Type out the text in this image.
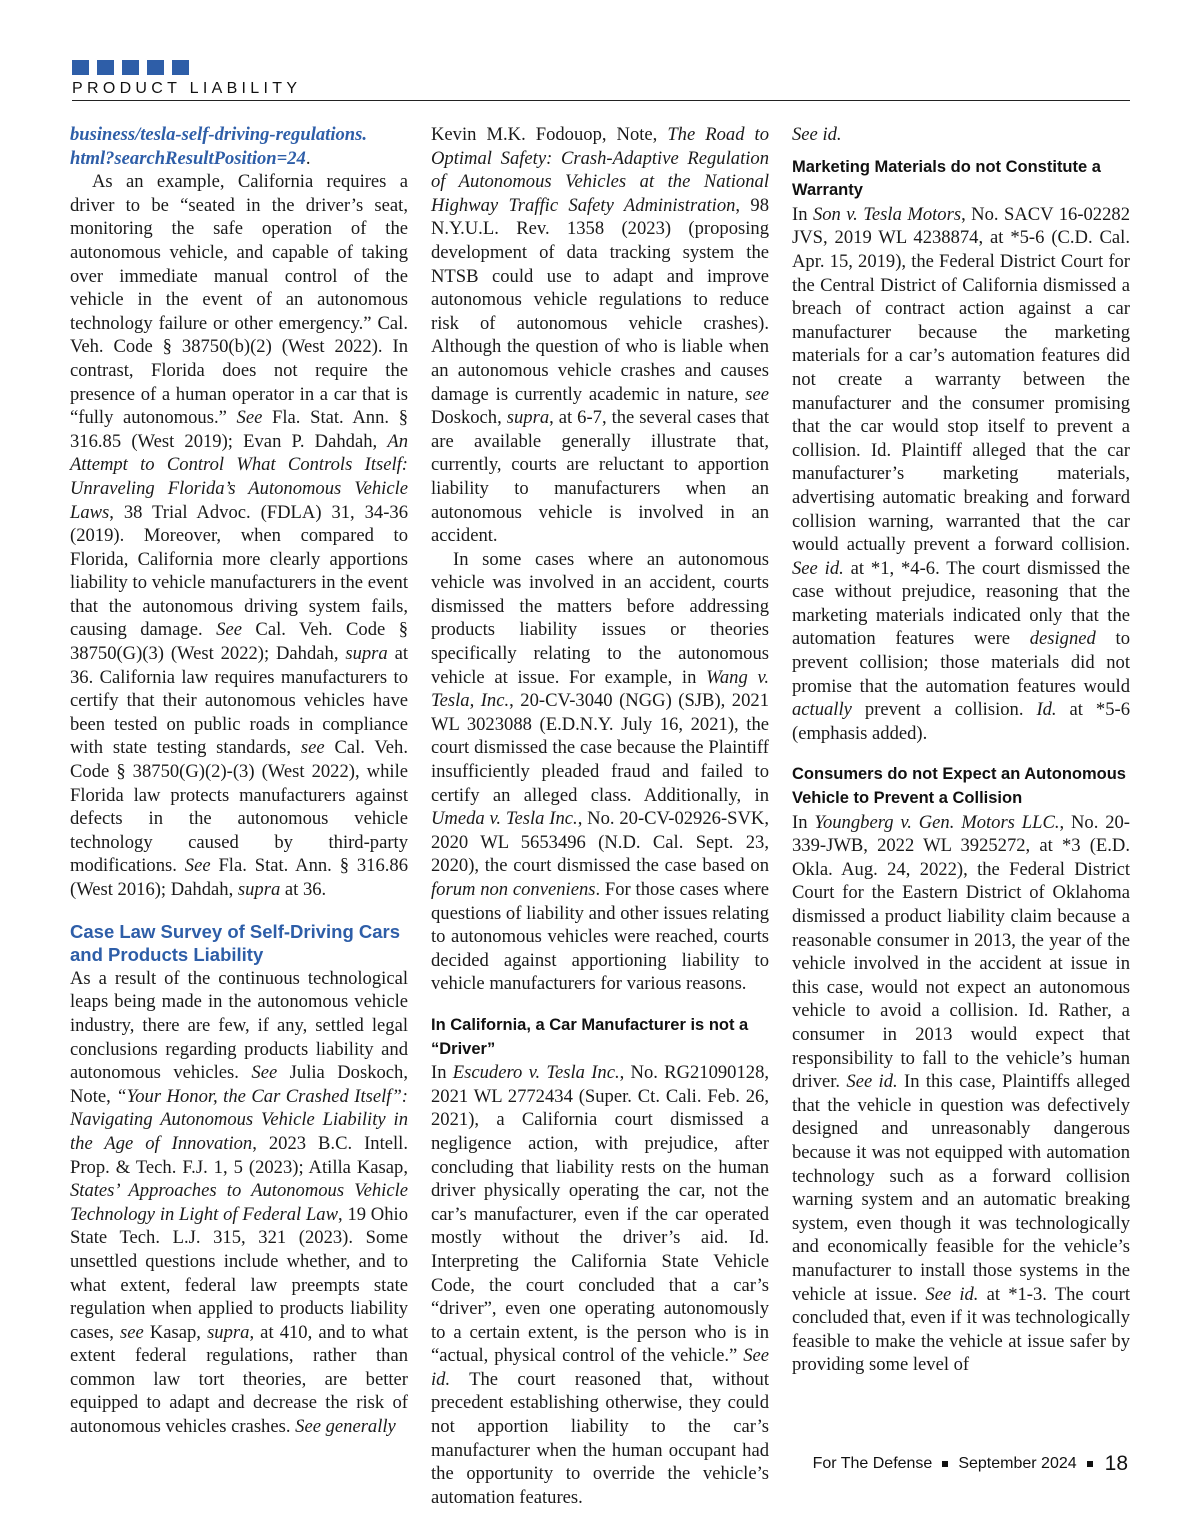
PRODUCT LIABILITY

business/tesla-self-driving-regulations.
html?searchResultPosition=24.

As an example, California requires a driver to be “seated in the driver’s seat, monitoring the safe operation of the autonomous vehicle, and capable of taking over immediate manual control of the vehicle in the event of an autonomous technology failure or other emergency.” Cal. Veh. Code § 38750(b)(2) (West 2022). In contrast, Florida does not require the presence of a human operator in a car that is “fully autonomous.” See Fla. Stat. Ann. § 316.85 (West 2019); Evan P. Dahdah, An Attempt to Control What Controls Itself: Unraveling Florida’s Autonomous Vehicle Laws, 38 Trial Advoc. (FDLA) 31, 34-36 (2019). Moreover, when compared to Florida, California more clearly apportions liability to vehicle manufacturers in the event that the autonomous driving system fails, causing damage. See Cal. Veh. Code § 38750(G)(3) (West 2022); Dahdah, supra at 36. California law requires manufacturers to certify that their autonomous vehicles have been tested on public roads in compliance with state testing standards, see Cal. Veh. Code § 38750(G)(2)-(3) (West 2022), while Florida law protects manufacturers against defects in the autonomous vehicle technology caused by third-party modifications. See Fla. Stat. Ann. § 316.86 (West 2016); Dahdah, supra at 36.

Case Law Survey of Self-Driving Cars and Products Liability

As a result of the continuous technological leaps being made in the autonomous vehicle industry, there are few, if any, settled legal conclusions regarding products liability and autonomous vehicles. See Julia Doskoch, Note, “Your Honor, the Car Crashed Itself”: Navigating Autonomous Vehicle Liability in the Age of Innovation, 2023 B.C. Intell. Prop. & Tech. F.J. 1, 5 (2023); Atilla Kasap, States’ Approaches to Autonomous Vehicle Technology in Light of Federal Law, 19 Ohio State Tech. L.J. 315, 321 (2023). Some unsettled questions include whether, and to what extent, federal law preempts state regulation when applied to products liability cases, see Kasap, supra, at 410, and to what extent federal regulations, rather than common law tort theories, are better equipped to adapt and decrease the risk of autonomous vehicles crashes. See generally

Kevin M.K. Fodouop, Note, The Road to Optimal Safety: Crash-Adaptive Regulation of Autonomous Vehicles at the National Highway Traffic Safety Administration, 98 N.Y.U.L. Rev. 1358 (2023) (proposing development of data tracking system the NTSB could use to adapt and improve autonomous vehicle regulations to reduce risk of autonomous vehicle crashes). Although the question of who is liable when an autonomous vehicle crashes and causes damage is currently academic in nature, see Doskoch, supra, at 6-7, the several cases that are available generally illustrate that, currently, courts are reluctant to apportion liability to manufacturers when an autonomous vehicle is involved in an accident.

In some cases where an autonomous vehicle was involved in an accident, courts dismissed the matters before addressing products liability issues or theories specifically relating to the autonomous vehicle at issue. For example, in Wang v. Tesla, Inc., 20-CV-3040 (NGG) (SJB), 2021 WL 3023088 (E.D.N.Y. July 16, 2021), the court dismissed the case because the Plaintiff insufficiently pleaded fraud and failed to certify an alleged class. Additionally, in Umeda v. Tesla Inc., No. 20-CV-02926-SVK, 2020 WL 5653496 (N.D. Cal. Sept. 23, 2020), the court dismissed the case based on forum non conveniens. For those cases where questions of liability and other issues relating to autonomous vehicles were reached, courts decided against apportioning liability to vehicle manufacturers for various reasons.

In California, a Car Manufacturer is not a “Driver”

In Escudero v. Tesla Inc., No. RG21090128, 2021 WL 2772434 (Super. Ct. Cali. Feb. 26, 2021), a California court dismissed a negligence action, with prejudice, after concluding that liability rests on the human driver physically operating the car, not the car’s manufacturer, even if the car operated mostly without the driver’s aid. Id. Interpreting the California State Vehicle Code, the court concluded that a car’s “driver”, even one operating autonomously to a certain extent, is the person who is in “actual, physical control of the vehicle.” See id. The court reasoned that, without precedent establishing otherwise, they could not apportion liability to the car’s manufacturer when the human occupant had the opportunity to override the vehicle’s automation features.

See id.

Marketing Materials do not Constitute a Warranty

In Son v. Tesla Motors, No. SACV 16-02282 JVS, 2019 WL 4238874, at *5-6 (C.D. Cal. Apr. 15, 2019), the Federal District Court for the Central District of California dismissed a breach of contract action against a car manufacturer because the marketing materials for a car’s automation features did not create a warranty between the manufacturer and the consumer promising that the car would stop itself to prevent a collision. Id. Plaintiff alleged that the car manufacturer’s marketing materials, advertising automatic breaking and forward collision warning, warranted that the car would actually prevent a forward collision. See id. at *1, *4-6. The court dismissed the case without prejudice, reasoning that the marketing materials indicated only that the automation features were designed to prevent collision; those materials did not promise that the automation features would actually prevent a collision. Id. at *5-6 (emphasis added).

Consumers do not Expect an Autonomous Vehicle to Prevent a Collision

In Youngberg v. Gen. Motors LLC., No. 20-339-JWB, 2022 WL 3925272, at *3 (E.D. Okla. Aug. 24, 2022), the Federal District Court for the Eastern District of Oklahoma dismissed a product liability claim because a reasonable consumer in 2013, the year of the vehicle involved in the accident at issue in this case, would not expect an autonomous vehicle to avoid a collision. Id. Rather, a consumer in 2013 would expect that responsibility to fall to the vehicle’s human driver. See id. In this case, Plaintiffs alleged that the vehicle in question was defectively designed and unreasonably dangerous because it was not equipped with automation technology such as a forward collision warning system and an automatic breaking system, even though it was technologically and economically feasible for the vehicle’s manufacturer to install those systems in the vehicle at issue. See id. at *1-3. The court concluded that, even if it was technologically feasible to make the vehicle at issue safer by providing some level of

For The Defense September 2024 18
